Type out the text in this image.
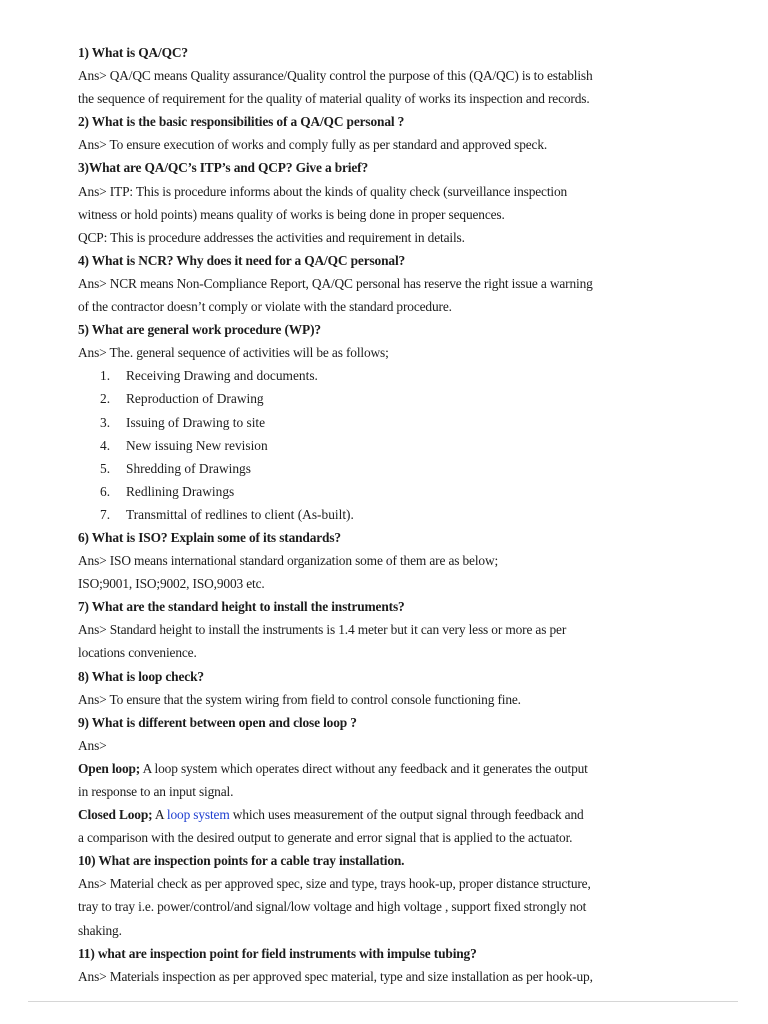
1) What is QA/QC?
Ans> QA/QC means Quality assurance/Quality control the purpose of this (QA/QC) is to establish
the sequence of requirement for the quality of material quality of works its inspection and records.
2) What is the basic responsibilities of a QA/QC personal ?
Ans> To ensure execution of works and comply fully as per standard and approved speck.
3)What are QA/QC’s ITP’s and QCP? Give a brief?
Ans> ITP: This is procedure informs about the kinds of quality check (surveillance inspection
witness or hold points) means quality of works is being done in proper sequences.
QCP: This is procedure addresses the activities and requirement in details.
4) What is NCR? Why does it need for a QA/QC personal?
Ans> NCR means Non-Compliance Report, QA/QC personal has reserve the right issue a warning
of the contractor doesn’t comply or violate with the standard procedure.
5) What are general work procedure (WP)?
Ans> The. general sequence of activities will be as follows;
1.	Receiving Drawing and documents.
2.	Reproduction of Drawing
3.	Issuing of Drawing to site
4.	New issuing New revision
5.	Shredding of Drawings
6.	Redlining Drawings
7.	Transmittal of redlines to client (As-built).
6) What is ISO? Explain some of its standards?
Ans> ISO means international standard organization some of them are as below;
ISO;9001, ISO;9002, ISO,9003 etc.
7) What are the standard height to install the instruments?
Ans> Standard height to install the instruments is 1.4 meter but it can very less or more as per
locations convenience.
8) What is loop check?
Ans> To ensure that the system wiring from field to control console functioning fine.
9) What is different between open and close loop ?
Ans>
Open loop; A loop system which operates direct without any feedback and it generates the output
in response to an input signal.
Closed Loop; A loop system which uses measurement of the output signal through feedback and
a comparison with the desired output to generate and error signal that is applied to the actuator.
10) What are inspection points for a cable tray installation.
Ans> Material check as per approved spec, size and type, trays hook-up, proper distance structure,
tray to tray i.e. power/control/and signal/low voltage and high voltage , support fixed strongly not
shaking.
11) what are inspection point for field instruments with impulse tubing?
Ans> Materials inspection as per approved spec material, type and size installation as per hook-up,
